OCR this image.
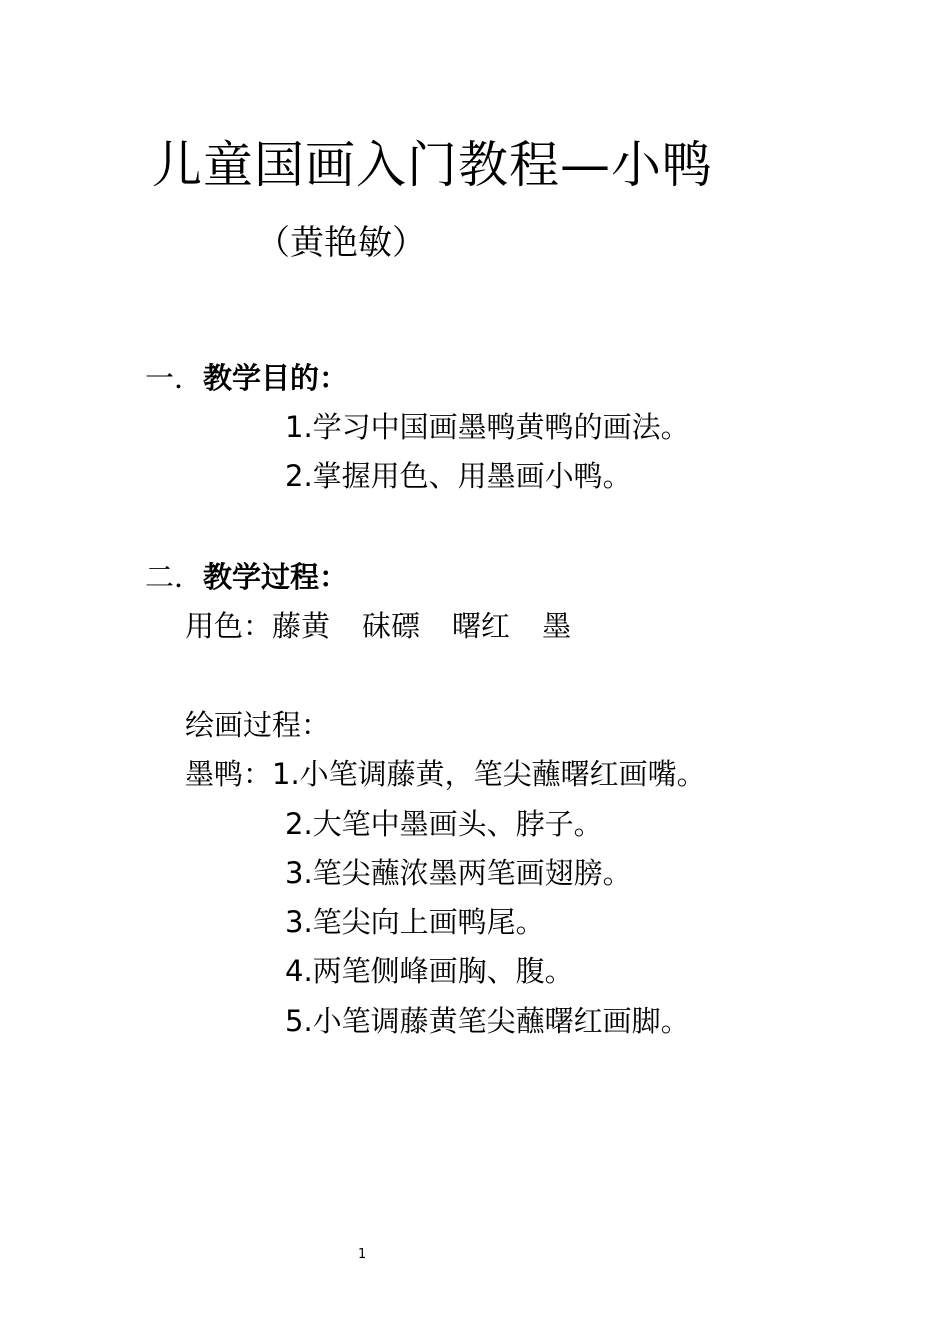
儿童国画入门教程—小鸭
（黄艳敏）
一．教学目的：
1.学习中国画墨鸭黄鸭的画法。
2.掌握用色、用墨画小鸭。
二．教学过程：
用色：藤黄 砞磦 曙红 墨
绘画过程：
墨鸭：1.小笔调藤黄，笔尖蘸曙红画嘴。
2.大笔中墨画头、脖子。
3.笔尖蘸浓墨两笔画翅膀。
3.笔尖向上画鸭尾。
4.两笔侧峰画胸、腹。
5.小笔调藤黄笔尖蘸曙红画脚。
1
